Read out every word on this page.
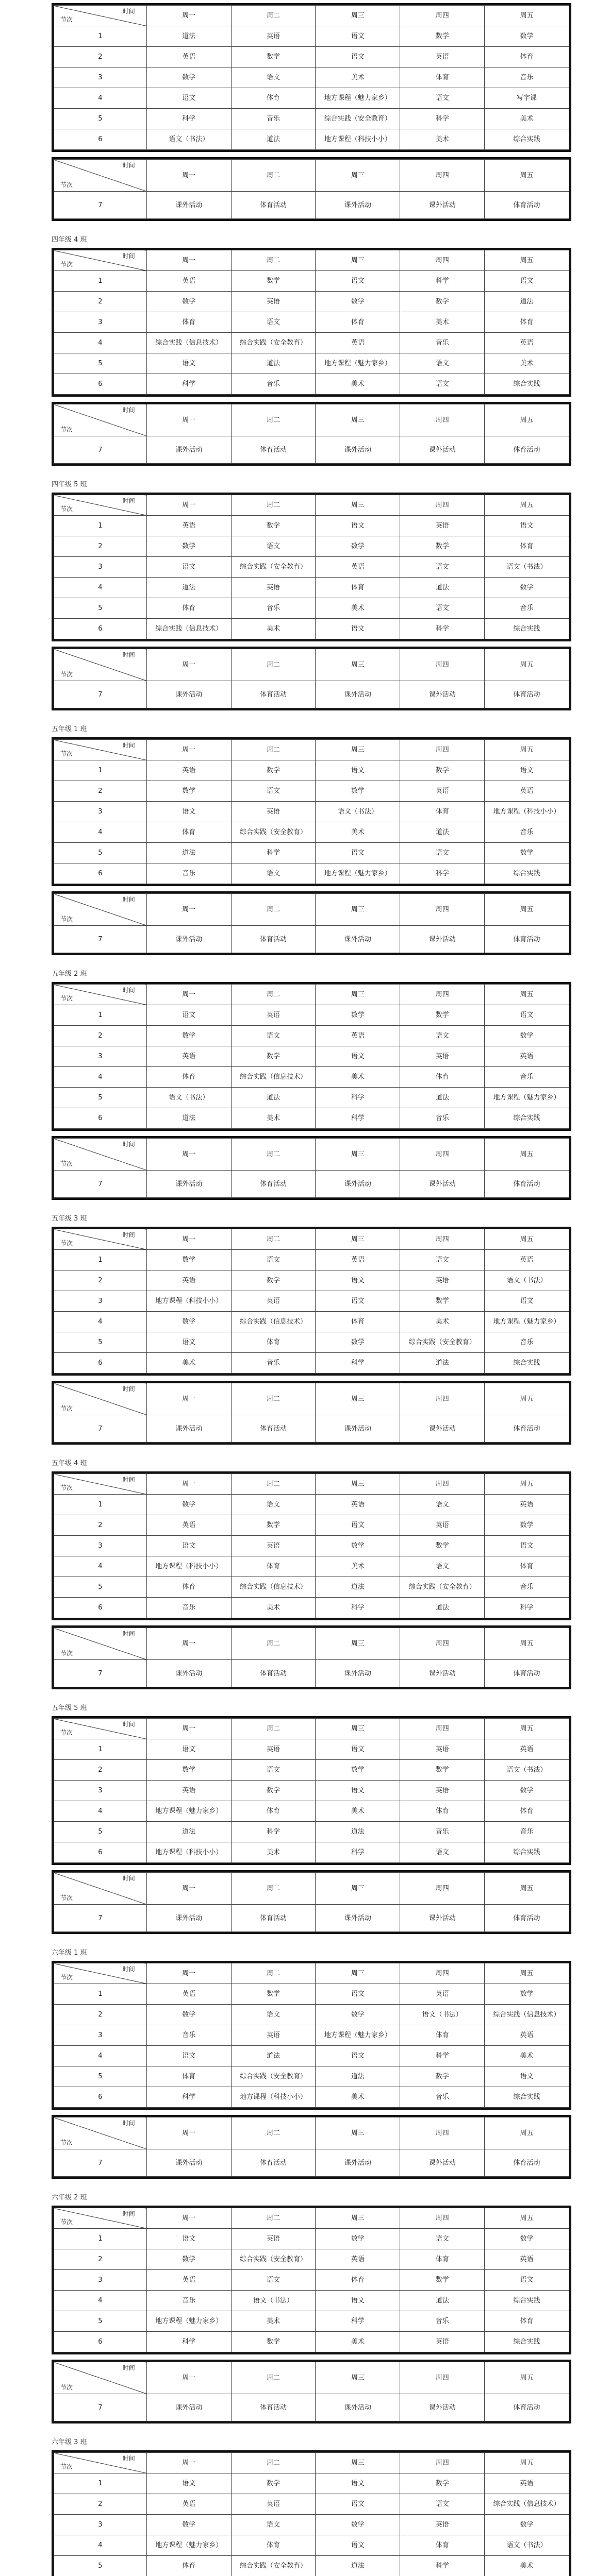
时间
节次	周一	周二	周三	周四	周五
1	道法	英语	语文	数学	数学
2	英语	数学	语文	英语	体育
3	数学	语文	美术	体育	音乐
4	语文	体育	地方课程（魅力家乡）	语文	写字课
5	科学	音乐	综合实践（安全教育）	科学	美术
6	语文（书法）	道法	地方课程（科技小小）	美术	综合实践
时间
节次	周一	周二	周三	周四	周五
7	课外活动	体育活动	课外活动	课外活动	体育活动
四年级 4 班
时间
节次	周一	周二	周三	周四	周五
1	英语	数学	语文	科学	语文
2	数学	英语	数学	数学	道法
3	体育	语文	体育	美术	体育
4	综合实践（信息技术）	综合实践（安全教育）	英语	音乐	英语
5	语文	道法	地方课程（魅力家乡）	语文	美术
6	科学	音乐	美术	语文	综合实践
时间
节次	周一	周二	周三	周四	周五
7	课外活动	体育活动	课外活动	课外活动	体育活动
四年级 5 班
时间
节次	周一	周二	周三	周四	周五
1	英语	数学	语文	英语	语文
2	数学	语文	数学	数学	体育
3	语文	综合实践（安全教育）	英语	语文	语文（书法）
4	道法	英语	体育	道法	数学
5	体育	音乐	美术	语文	音乐
6	综合实践（信息技术）	美术	语文	科学	综合实践
时间
节次	周一	周二	周三	周四	周五
7	课外活动	体育活动	课外活动	课外活动	体育活动
五年级 1 班
时间
节次	周一	周二	周三	周四	周五
1	英语	数学	语文	数学	语文
2	数学	语文	数学	英语	英语
3	语文	英语	语文（书法）	体育	地方课程（科技小小）
4	体育	综合实践（安全教育）	美术	道法	音乐
5	道法	科学	语文	语文	数学
6	音乐	语文	地方课程（魅力家乡）	科学	综合实践
时间
节次	周一	周二	周三	周四	周五
7	课外活动	体育活动	课外活动	课外活动	体育活动
五年级 2 班
时间
节次	周一	周二	周三	周四	周五
1	语文	英语	数学	数学	语文
2	数学	语文	英语	语文	数学
3	英语	数学	语文	英语	英语
4	体育	综合实践（信息技术）	美术	体育	音乐
5	语文（书法）	道法	科学	道法	地方课程（魅力家乡）
6	道法	美术	科学	音乐	综合实践
时间
节次	周一	周二	周三	周四	周五
7	课外活动	体育活动	课外活动	课外活动	体育活动
五年级 3 班
时间
节次	周一	周二	周三	周四	周五
1	数学	语文	英语	语文	英语
2	英语	数学	语文	英语	语文（书法）
3	地方课程（科技小小）	英语	语文	数学	语文
4	数学	综合实践（信息技术）	体育	美术	地方课程（魅力家乡）
5	语文	体育	数学	综合实践（安全教育）	音乐
6	美术	音乐	科学	道法	综合实践
时间
节次	周一	周二	周三	周四	周五
7	课外活动	体育活动	课外活动	课外活动	体育活动
五年级 4 班
时间
节次	周一	周二	周三	周四	周五
1	数学	语文	英语	语文	英语
2	英语	数学	语文	英语	数学
3	语文	英语	数学	数学	语文
4	地方课程（科技小小）	体育	美术	语文	体育
5	体育	综合实践（信息技术）	道法	综合实践（安全教育）	音乐
6	音乐	美术	科学	道法	科学
时间
节次	周一	周二	周三	周四	周五
7	课外活动	体育活动	课外活动	课外活动	体育活动
五年级 5 班
时间
节次	周一	周二	周三	周四	周五
1	语文	英语	语文	英语	英语
2	数学	语文	数学	数学	语文（书法）
3	英语	数学	语文	英语	数学
4	地方课程（魅力家乡）	体育	美术	体育	体育
5	道法	科学	道法	音乐	音乐
6	地方课程（科技小小）	美术	科学	语文	综合实践
时间
节次	周一	周二	周三	周四	周五
7	课外活动	体育活动	课外活动	课外活动	体育活动
六年级 1 班
时间
节次	周一	周二	周三	周四	周五
1	英语	数学	语文	英语	数学
2	数学	语文	数学	语文（书法）	综合实践（信息技术）
3	音乐	英语	地方课程（魅力家乡）	体育	英语
4	语文	道法	语文	科学	美术
5	体育	综合实践（安全教育）	道法	数学	语文
6	科学	地方课程（科技小小）	美术	音乐	综合实践
时间
节次	周一	周二	周三	周四	周五
7	课外活动	体育活动	课外活动	课外活动	体育活动
六年级 2 班
时间
节次	周一	周二	周三	周四	周五
1	语文	英语	数学	语文	数学
2	数学	综合实践（安全教育）	英语	体育	英语
3	英语	语文	体育	数学	语文
4	音乐	语文（书法）	语文	道法	综合实践
5	地方课程（魅力家乡）	美术	科学	音乐	体育
6	科学	数学	美术	英语	综合实践
时间
节次	周一	周二	周三	周四	周五
7	课外活动	体育活动	课外活动	课外活动	体育活动
六年级 3 班
时间
节次	周一	周二	周三	周四	周五
1	语文	数学	语文	数学	英语
2	英语	英语	语文	语文	综合实践（信息技术）
3	数学	语文	数学	英语	数学
4	地方课程（魅力家乡）	体育	语文	体育	语文（书法）
5	体育	综合实践（安全教育）	道法	科学	美术
